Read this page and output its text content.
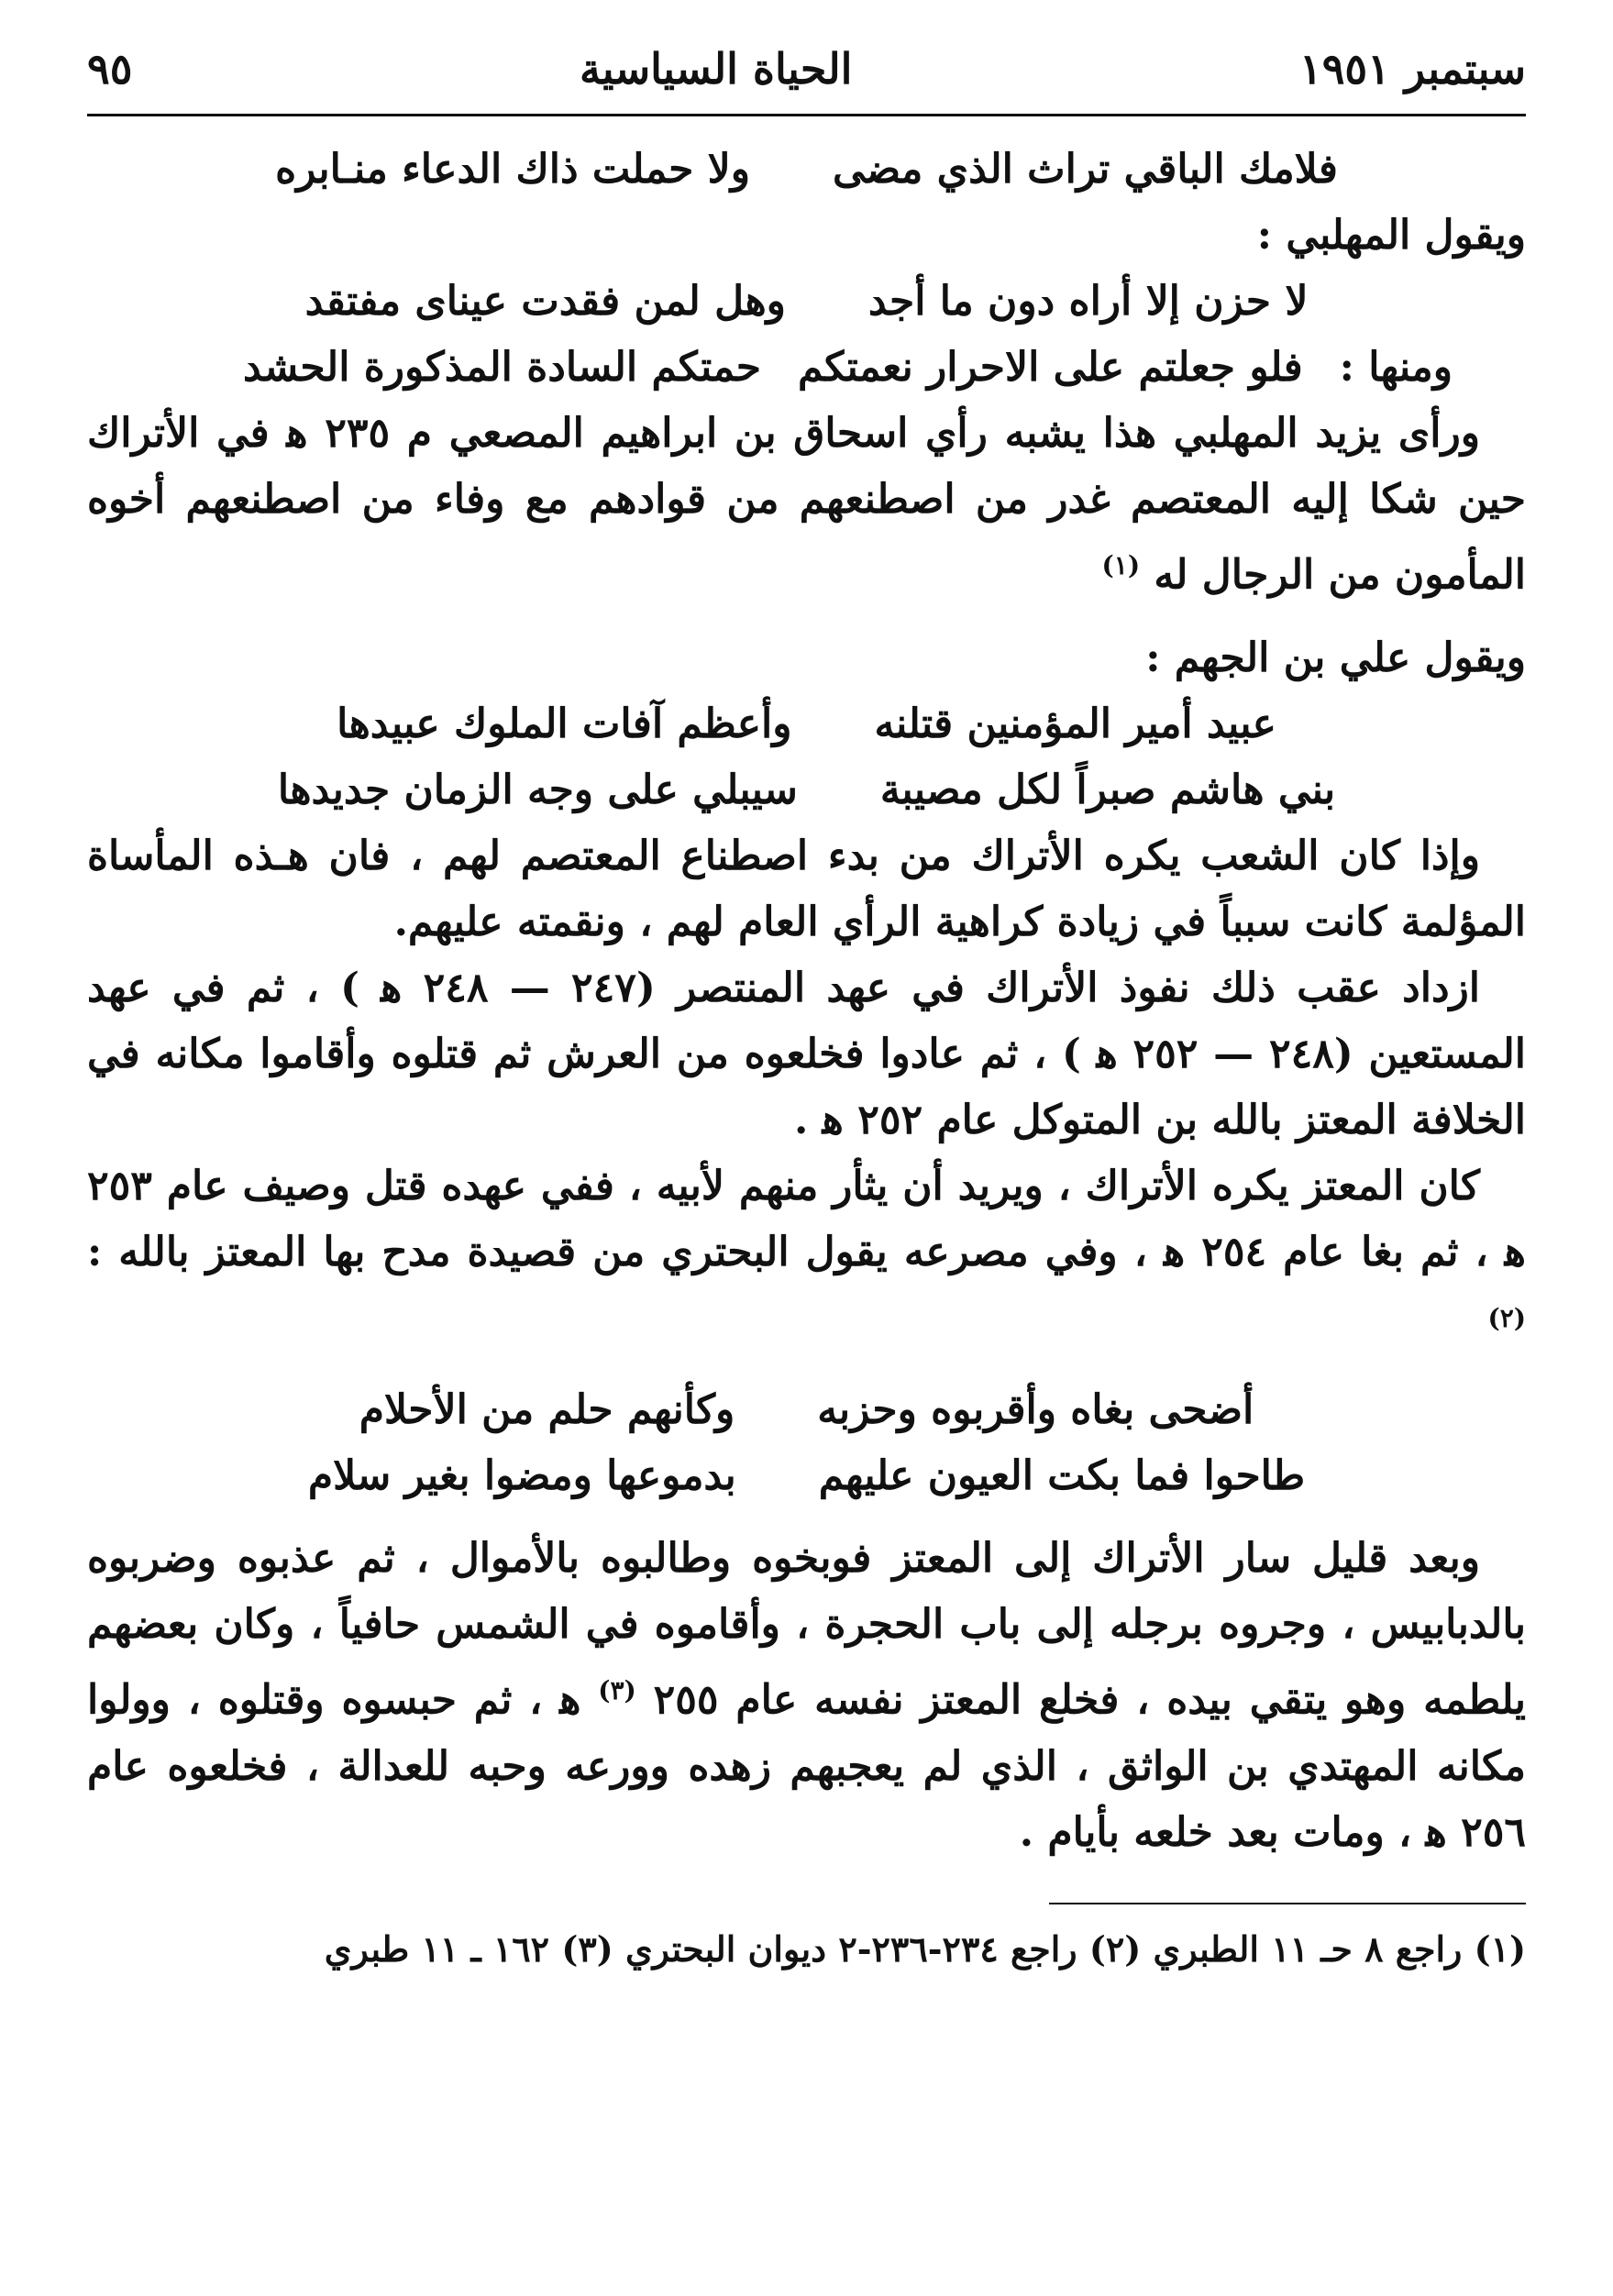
سبتمبر ١٩٥١
الحياة السياسية
٩٥
فلامك الباقي تراث الذي مضى
ولا حملت ذاك الدعاء منـابره
ويقول المهلبي :
لا حزن إلا أراه دون ما أجد
وهل لمن فقدت عيناى مفتقد
ومنها :
فلو جعلتم على الاحرار نعمتكم
حمتكم السادة المذكورة الحشد
ورأى يزيد المهلبي هذا يشبه رأي اسحاق بن ابراهيم المصعي م ٢٣٥ ﻫ في الأتراك حين شكا إليه المعتصم غدر من اصطنعهم من قوادهم مع وفاء من اصطنعهم أخوه المأمون من الرجال له $^{(١)}$
ويقول علي بن الجهم :
عبيد أمير المؤمنين قتلنه
وأعظم آفات الملوك عبيدها
بني هاشم صبراً لكل مصيبة
سيبلي على وجه الزمان جديدها
وإذا كان الشعب يكره الأتراك من بدء اصطناع المعتصم لهم ، فان هـذه المأساة المؤلمة كانت سبباً في زيادة كراهية الرأي العام لهم ، ونقمته عليهم.
ازداد عقب ذلك نفوذ الأتراك في عهد المنتصر (٢٤٧ — ٢٤٨ ﻫ ) ، ثم في عهد المستعين (٢٤٨ — ٢٥٢ ﻫ ) ، ثم عادوا فخلعوه من العرش ثم قتلوه وأقاموا مكانه في الخلافة المعتز بالله بن المتوكل عام ٢٥٢ ﻫ .
كان المعتز يكره الأتراك ، ويريد أن يثأر منهم لأبيه ، ففي عهده قتل وصيف عام ٢٥٣ ﻫ ، ثم بغا عام ٢٥٤ ﻫ ، وفي مصرعه يقول البحتري من قصيدة مدح بها المعتز بالله : $^{(٢)}$
أضحى بغاه وأقربوه وحزبه
وكأنهم حلم من الأحلام
طاحوا فما بكت العيون عليهم
بدموعها ومضوا بغير سلام
وبعد قليل سار الأتراك إلى المعتز فوبخوه وطالبوه بالأموال ، ثم عذبوه وضربوه بالدبابيس ، وجروه برجله إلى باب الحجرة ، وأقاموه في الشمس حافياً ، وكان بعضهم يلطمه وهو يتقي بيده ، فخلع المعتز نفسه عام ٢٥٥ $^{(٣)}$ ﻫ ، ثم حبسوه وقتلوه ، وولوا مكانه المهتدي بن الواثق ، الذي لم يعجبهم زهده وورعه وحبه للعدالة ، فخلعوه عام ٢٥٦ ﻫ ، ومات بعد خلعه بأيام .
(١) راجع ٨ حـ ١١ الطبري (٢) راجع ٢٣٤-٢٣٦-٢ ديوان البحتري (٣) ١٦٢ ـ ١١ طبري
